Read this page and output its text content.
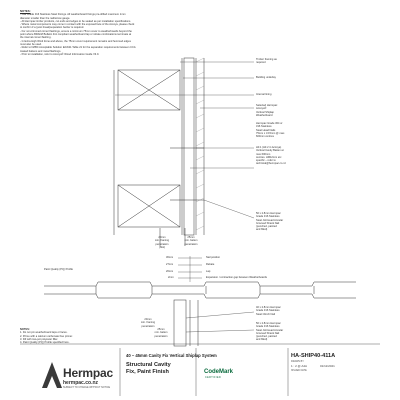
NOTES:
- Use Grade 316 Stainless Steel Fixings. All weatherboard fixings pre-drilled maximum 1mm
diameter smaller than the nail/screw gauge.
- All Hermpac timber products, cut ends and edges to be sealed as per installation specifications.
- Where metal components may come in contact with the exposed face of the Accoya, please check
to confirm if a (post break)separation barrier is required.
- For non-trimmed corner flashings, ensure a minimum 75mm cover to weatherboards beyond the
point where BRANZ Bulletin 411 compliant weatherboard lap or rebate combinations terminate at
the internal corner flashing.
- In Extra High Wind Zone and above, the 75mm cover requirement remains and hemmed edges
must also be used.
- Refer to NZBC Acceptable Solution E2/AS1 Table 21 for the separation requirements between CCA
treated battens and metal flashings.
- Prior to installation, refer to Accoya® Wood Information Guide V3.9.
Timber framing as
required
Building underlay
Internal lining
Selected Hermpac
Accoya®
Vertical Shiplap
Weatherboard
Hermpac Grade 304 or
316 Stainless
Steel Head Nails
75mm x 3.15mm @ max.
600mm centres
H3.1 (H3.2 in Accoya)
Vertical Cavity Batten at
max 600mm
centres. HM12mm etc
specific – refer to
technical@hermpac.co.nz
50 x 2.8mm Hermpac
Grade 316 Stainless
Steel Jolt Head Annular
Grooved Shank Nail
(punched, painted
and filled)
20mm
min. framing
penetration
(Slot)
25mm
min. batten
penetration
30mm
27mm
20mm
2mm
Nail position
Rebate
Lap
Expansion / contraction gap between Weatherboards
Paint Quality (PQ) Profile
40 x 2.8mm Hermpac
Grade 316 Stainless
Steel Clinch Nail
50 x 2.8mm Hermpac
Grade 316 Stainless
Steel Jolt Head Annular
Grooved Shank Nail
(punched, painted
and filled)
20mm
min. framing
penetration
25mm
min. batten
penetration
NOTES:
1. Do not pin weatherboard laps or faces.
2. Prime with a calcium carbonate free primer.
3. Fill with two-pot polyester filler.
4. Paint Quality (PQ) Profile specified here.
Hermpac
hermpac.co.nz
SUBJECT TO CHANGE WITHOUT NOTICE
40 – 45mm Cavity Fix Vertical Shiplap System
Structural Cavity
Fix, Paint Finish	CodeMark
CERTIFIED
HA-SHIP40-411A
DRAWN BY
1 : 2 @ A4 A	01/11/2021
ISSUED DATE
